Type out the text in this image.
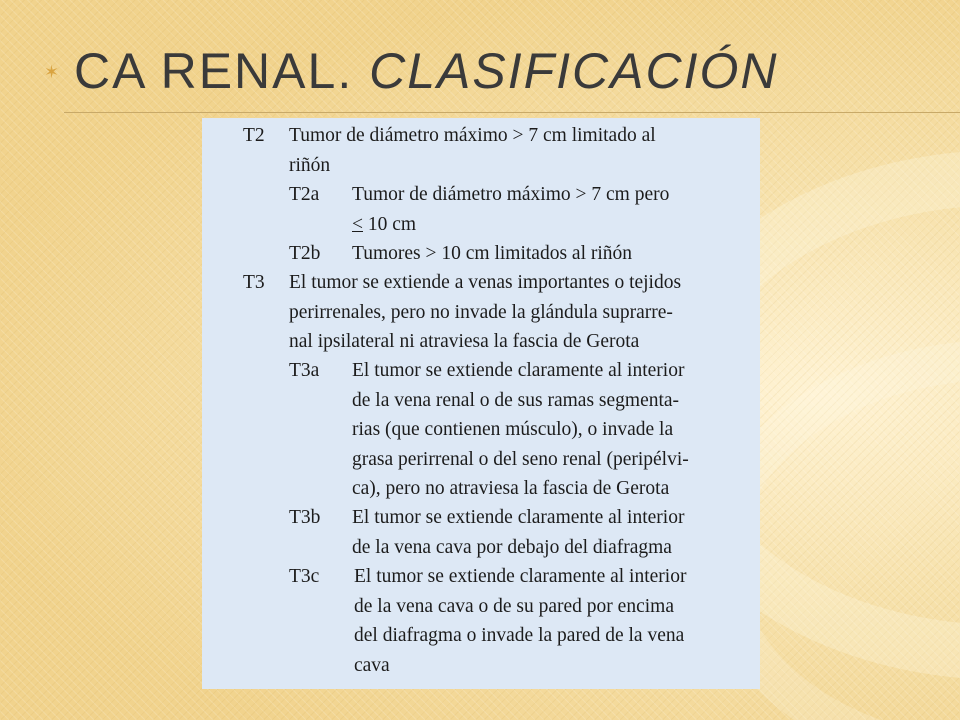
✶ CA RENAL. CLASIFICACIÓN
T2 Tumor de diámetro máximo > 7 cm limitado al
riñón
T2a Tumor de diámetro máximo > 7 cm pero
≤ 10 cm
T2b Tumores > 10 cm limitados al riñón
T3 El tumor se extiende a venas importantes o tejidos
perirrenales, pero no invade la glándula suprarre-
nal ipsilateral ni atraviesa la fascia de Gerota
T3a El tumor se extiende claramente al interior
de la vena renal o de sus ramas segmenta-
rias (que contienen músculo), o invade la
grasa perirrenal o del seno renal (peripélvi-
ca), pero no atraviesa la fascia de Gerota
T3b El tumor se extiende claramente al interior
de la vena cava por debajo del diafragma
T3c El tumor se extiende claramente al interior
de la vena cava o de su pared por encima
del diafragma o invade la pared de la vena
cava
